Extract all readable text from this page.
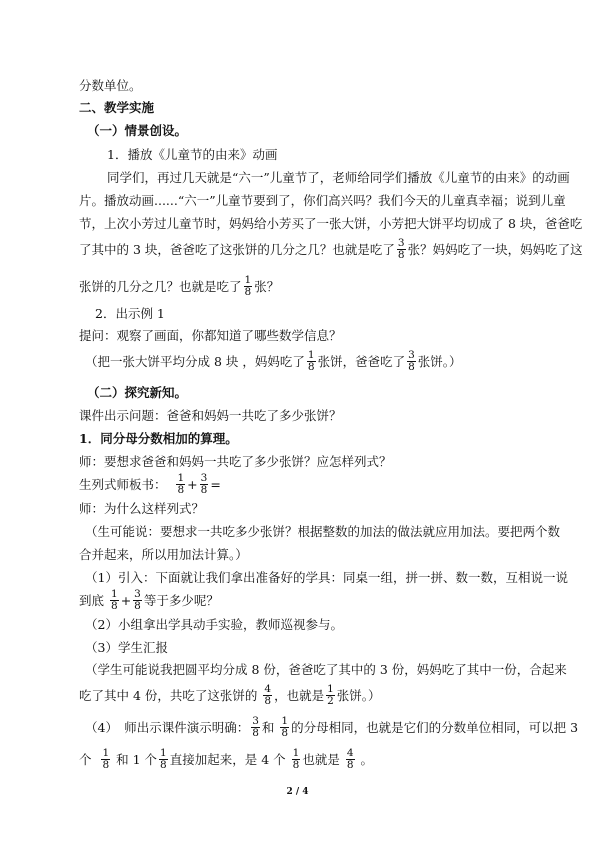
分数单位。
二、教学实施
（一）情景创设。
1．播放《儿童节的由来》动画
同学们，再过几天就是“六一”儿童节了，老师给同学们播放《儿童节的由来》的动画
片。播放动画......“六一”儿童节要到了，你们高兴吗？我们今天的儿童真幸福；说到儿童
节，上次小芳过儿童节时，妈妈给小芳买了一张大饼，小芳把大饼平均切成了 8 块，爸爸吃
了其中的 3 块，爸爸吃了这张饼的几分之几？也就是吃了 $\frac{3}{8}$ 张？妈妈吃了一块，妈妈吃了这
张饼的几分之几？也就是吃了 $\frac{1}{8}$ 张？
2．出示例 1
提问：观察了画面，你都知道了哪些数学信息？
（把一张大饼平均分成 8 块 ，妈妈吃了 $\frac{1}{8}$ 张饼，爸爸吃了 $\frac{3}{8}$ 张饼。）
（二）探究新知。
课件出示问题：爸爸和妈妈一共吃了多少张饼？
1．同分母分数相加的算理。
师：要想求爸爸和妈妈一共吃了多少张饼？应怎样列式？
生列式师板书： $\frac{1}{8} + \frac{3}{8}$ =
师：为什么这样列式？
（生可能说：要想求一共吃多少张饼？根据整数的加法的做法就应用加法。要把两个数
合并起来，所以用加法计算。）
（1）引入：下面就让我们拿出准备好的学具：同桌一组，拼一拼、数一数，互相说一说
到底 $\frac{1}{8} + \frac{3}{8}$ 等于多少呢？
（2）小组拿出学具动手实验，教师巡视参与。
（3）学生汇报
（学生可能说我把圆平均分成 8 份，爸爸吃了其中的 3 份，妈妈吃了其中一份，合起来
吃了其中 4 份，共吃了这张饼的 $\frac{4}{8}$ ，也就是 $\frac{1}{2}$ 张饼。）
（4）　师出示课件演示明确： $\frac{3}{8}$ 和 $\frac{1}{8}$ 的分母相同，也就是它们的分数单位相同，可以把 3
个 $\frac{1}{8}$ 和 1 个 $\frac{1}{8}$ 直接加起来，是 4 个 $\frac{1}{8}$ 也就是 $\frac{4}{8}$ 。
2 / 4
